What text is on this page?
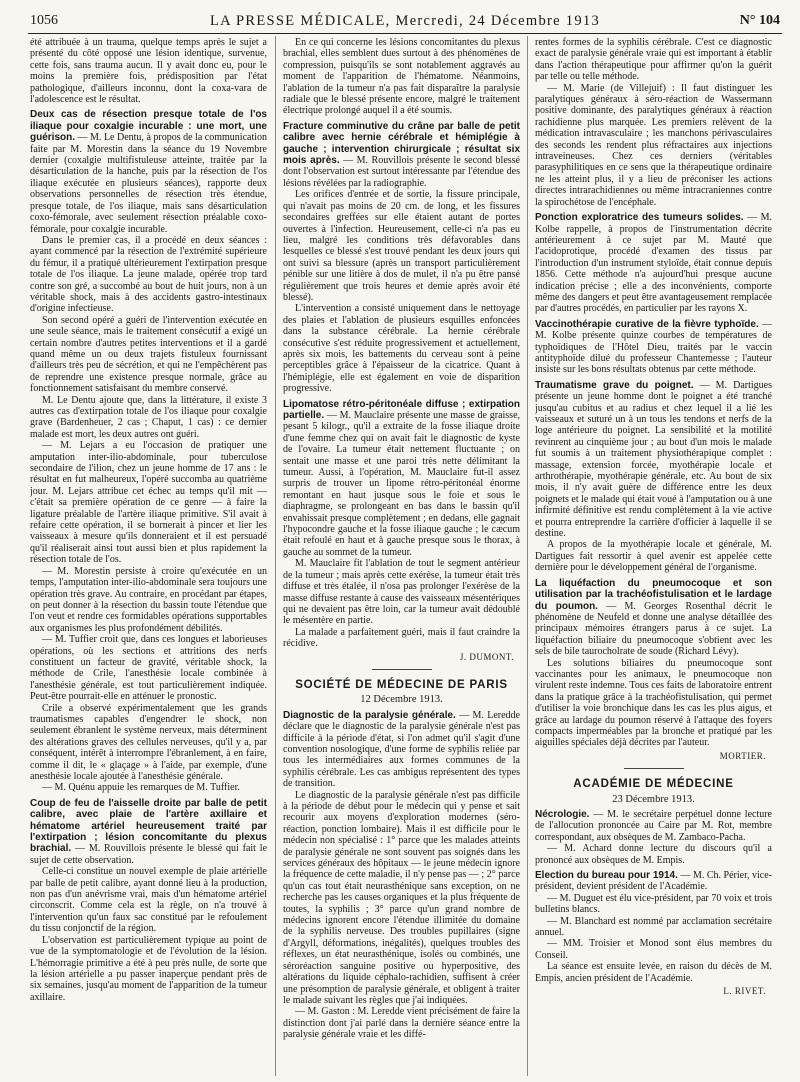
1056	LA PRESSE MÉDICALE, Mercredi, 24 Décembre 1913	N° 104

été attribuée à un trauma, quelque temps après le sujet a présenté du côté opposé une lésion identique, survenue, cette fois, sans trauma aucun. Il y avait donc eu, pour le moins la première fois, prédisposition par l'état pathologique, d'ailleurs inconnu, dont la coxa-vara de l'adolescence est le résultat.

Deux cas de résection presque totale de l'os iliaque pour coxalgie incurable : une mort, une guérison. — M. Le Dentu, à propos de la communication faite par M. Morestin dans la séance du 19 Novembre dernier (coxalgie multifistuleuse atteinte, traitée par la désarticulation de la hanche, puis par la résection de l'os iliaque exécutée en plusieurs séances), rapporte deux observations personnelles de résection très étendue, presque totale, de l'os iliaque, mais sans désarticulation coxo-fémorale, avec seulement résection préalable coxo-fémorale, pour coxalgie incurable.

Dans le premier cas, il a procédé en deux séances : ayant commencé par la résection de l'extrémité supérieure du fémur, il a pratiqué ultérieurement l'extirpation presque totale de l'os iliaque. La jeune malade, opérée trop tard contre son gré, a succombé au bout de huit jours, non à un véritable shock, mais à des accidents gastro-intestinaux d'origine infectieuse.

Son second opéré a guéri de l'intervention exécutée en une seule séance, mais le traitement consécutif a exigé un certain nombre d'autres petites interventions et il a gardé quand même un ou deux trajets fistuleux fournissant d'ailleurs très peu de sécrétion, et qui ne l'empêchèrent pas de reprendre une existence presque normale, grâce au fonctionnement satisfaisant du membre conservé.

M. Le Dentu ajoute que, dans la littérature, il existe 3 autres cas d'extirpation totale de l'os iliaque pour coxalgie grave (Bardenheuer, 2 cas ; Chaput, 1 cas) : ce dernier malade est mort, les deux autres ont guéri.

— M. Lejars a eu l'occasion de pratiquer une amputation inter-ilio-abdominale, pour tuberculose secondaire de l'ilion, chez un jeune homme de 17 ans : le résultat en fut malheureux, l'opéré succomba au quatrième jour. M. Lejars attribue cet échec au temps qu'il mit — c'était sa première opération de ce genre — à faire la ligature préalable de l'artère iliaque primitive. S'il avait à refaire cette opération, il se bornerait à pincer et lier les vaisseaux à mesure qu'ils donneraient et il est persuadé qu'il réaliserait ainsi tout aussi bien et plus rapidement la résection totale de l'os.

— M. Morestin persiste à croire qu'exécutée en un temps, l'amputation inter-ilio-abdominale sera toujours une opération très grave. Au contraire, en procédant par étapes, on peut donner à la résection du bassin toute l'étendue que l'on veut et rendre ces formidables opérations supportables aux organismes les plus profondément débilités.

— M. Tuffier croit que, dans ces longues et laborieuses opérations, où les sections et attritions des nerfs constituent un facteur de gravité, véritable shock, la méthode de Crile, l'anesthésie locale combinée à l'anesthésie générale, est tout particulièrement indiquée. Peut-être pourrait-elle en atténuer le pronostic.

Crile a observé expérimentalement que les grands traumatismes capables d'engendrer le shock, non seulement ébranlent le système nerveux, mais déterminent des altérations graves des cellules nerveuses, qu'il y a, par conséquent, intérêt à interrompre l'ébranlement, à en faire, comme il dit, le « glaçage » à l'aide, par exemple, d'une anesthésie locale ajoutée à l'anesthésie générale.

— M. Quénu appuie les remarques de M. Tuffier.

Coup de feu de l'aisselle droite par balle de petit calibre, avec plaie de l'artère axillaire et hématome artériel heureusement traité par l'extirpation ; lésion concomitante du plexus brachial. — M. Rouvillois présente le blessé qui fait le sujet de cette observation.

Celle-ci constitue un nouvel exemple de plaie artérielle par balle de petit calibre, ayant donné lieu à la production, non pas d'un anévrisme vrai, mais d'un hématome artériel circonscrit. Comme cela est la règle, on n'a trouvé à l'intervention qu'un faux sac constitué par le refoulement du tissu conjonctif de la région.

L'observation est particulièrement typique au point de vue de la symptomatologie et de l'évolution de la lésion. L'hémorragie primitive a été à peu près nulle, de sorte que la lésion artérielle a pu passer inaperçue pendant près de six semaines, jusqu'au moment de l'apparition de la tumeur axillaire.

En ce qui concerne les lésions concomitantes du plexus brachial, elles semblent dues surtout à des phénomènes de compression, puisqu'ils se sont notablement aggravés au moment de l'apparition de l'hématome. Néanmoins, l'ablation de la tumeur n'a pas fait disparaître la paralysie radiale que le blessé présente encore, malgré le traitement électrique prolongé auquel il a été soumis.

Fracture comminutive du crâne par balle de petit calibre avec hernie cérébrale et hémiplégie à gauche ; intervention chirurgicale ; résultat six mois après. — M. Rouvillois présente le second blessé dont l'observation est surtout intéressante par l'étendue des lésions révélées par la radiographie.

Les orifices d'entrée et de sortie, la fissure principale, qui n'avait pas moins de 20 cm. de long, et les fissures secondaires greffées sur elle étaient autant de portes ouvertes à l'infection. Heureusement, celle-ci n'a pas eu lieu, malgré les conditions très défavorables dans lesquelles ce blessé s'est trouvé pendant les deux jours qui ont suivi sa blessure (après un transport particulièrement pénible sur une litière à dos de mulet, il n'a pu être pansé régulièrement que trois heures et demie après avoir été blessé).

L'intervention a consisté uniquement dans le nettoyage des plaies et l'ablation de plusieurs esquilles enfoncées dans la substance cérébrale. La hernie cérébrale consécutive s'est réduite progressivement et actuellement, après six mois, les battements du cerveau sont à peine perceptibles grâce à l'épaisseur de la cicatrice. Quant à l'hémiplégie, elle est également en voie de disparition progressive.

Lipomatose rétro-péritonéale diffuse ; extirpation partielle. — M. Mauclaire présente une masse de graisse, pesant 5 kilogr., qu'il a extraite de la fosse iliaque droite d'une femme chez qui on avait fait le diagnostic de kyste de l'ovaire. La tumeur était nettement fluctuante ; on sentait une masse et une paroi très nette délimitant la tumeur. Aussi, à l'opération, M. Mauclaire fut-il assez surpris de trouver un lipome rétro-péritonéal énorme remontant en haut jusque sous le foie et sous le diaphragme, se prolongeant en bas dans le bassin qu'il envahissait presque complètement ; en dedans, elle gagnait l'hypocondre gauche et la fosse iliaque gauche ; le cæcum était refoulé en haut et à gauche presque sous le thorax, à gauche au sommet de la tumeur.

M. Mauclaire fit l'ablation de tout le segment antérieur de la tumeur ; mais après cette exérèse, la tumeur était très diffuse et très étalée, il n'osa pas prolonger l'exérèse de la masse diffuse restante à cause des vaisseaux mésentériques qui ne devaient pas être loin, car la tumeur avait dédoublé le mésentère en partie.

La malade a parfaitement guéri, mais il faut craindre la récidive.

J. DUMONT.
SOCIÉTÉ DE MÉDECINE DE PARIS
12 Décembre 1913.

Diagnostic de la paralysie générale. — M. Leredde déclare que le diagnostic de la paralysie générale n'est pas difficile à la période d'état, si l'on admet qu'il s'agit d'une convention nosologique, d'une forme de syphilis reliée par tous les intermédiaires aux formes communes de la syphilis cérébrale. Les cas ambigus représentent des types de transition.

Le diagnostic de la paralysie générale n'est pas difficile à la période de début pour le médecin qui y pense et sait recourir aux moyens d'exploration modernes (séro-réaction, ponction lombaire). Mais il est difficile pour le médecin non spécialisé : 1° parce que les malades atteints de paralysie générale ne sont souvent pas soignés dans les services généraux des hôpitaux — le jeune médecin ignore la fréquence de cette maladie, il n'y pense pas — ; 2° parce qu'un cas tout était neurasthénique sans exception, on ne recherche pas les causes organiques et la plus fréquente de toutes, la syphilis ; 3° parce qu'un grand nombre de médecins ignorent encore l'étendue illimitée du domaine de la syphilis nerveuse. Des troubles pupillaires (signe d'Argyll, déformations, inégalités), quelques troubles des réflexes, un état neurasthénique, isolés ou combinés, une séroréaction sanguine positive ou hyperpositive, des altérations du liquide céphalo-rachidien, suffisent à créer une présomption de paralysie générale, et obligent à traiter le malade suivant les règles que j'ai indiquées.

— M. Gaston : M. Leredde vient précisément de faire la distinction dont j'ai parlé dans la dernière séance entre la paralysie générale vraie et les diffé-

rentes formes de la syphilis cérébrale. C'est ce diagnostic exact de paralysie générale vraie qui est important à établir dans l'action thérapeutique pour affirmer qu'on la guérit par telle ou telle méthode.

— M. Marie (de Villejuif) : Il faut distinguer les paralytiques généraux à séro-réaction de Wassermann positive dominante, des paralytiques généraux à réaction rachidienne plus marquée. Les premiers relèvent de la médication intravasculaire ; les manchons périvasculaires des seconds les rendent plus réfractaires aux injections intraveineuses. Chez ces derniers (véritables parasyphilitiques en ce sens que la thérapeutique ordinaire ne les atteint plus, il y a lieu de préconiser les actions directes intrarachidiennes ou même intracraniennes contre la spirochétose de l'encéphale.

Ponction exploratrice des tumeurs solides. — M. Kolbe rappelle, à propos de l'instrumentation décrite antérieurement à ce sujet par M. Mauté que l'acidoprotique, procédé d'examen des tissus par l'introduction d'un instrument styloïde, était connue depuis 1856. Cette méthode n'a aujourd'hui presque aucune indication précise ; elle a des inconvénients, comporte même des dangers et peut être avantageusement remplacée par d'autres procédés, en particulier par les rayons X.

Vaccinothérapie curative de la fièvre typhoïde. — M. Kolbe présente quinze courbes de températures de typhoïdiques de l'Hôtel Dieu, traités par le vaccin antityphoïde dilué du professeur Chantemesse ; l'auteur insiste sur les bons résultats obtenus par cette méthode.

Traumatisme grave du poignet. — M. Dartigues présente un jeune homme dont le poignet a été tranché jusqu'au cubitus et au radius et chez lequel il a lié les vaisseaux et suturé un à un tous les tendons et nerfs de la loge antérieure du poignet. La sensibilité et la motilité revinrent au cinquième jour ; au bout d'un mois le malade fut soumis à un traitement physiothérapique complet : massage, extension forcée, myothérapie locale et arthrothérapie, myothérapie générale, etc. Au bout de six mois, il n'y avait guère de différence entre les deux poignets et le malade qui était voué à l'amputation ou à une infirmité définitive est rendu complètement à la vie active et pourra entreprendre la carrière d'officier à laquelle il se destine.

A propos de la myothérapie locale et générale, M. Dartigues fait ressortir à quel avenir est appelée cette dernière pour le développement général de l'organisme.

La liquéfaction du pneumocoque et son utilisation par la trachéofistulisation et le lardage du poumon. — M. Georges Rosenthal décrit le phénomène de Neufeld et donne une analyse détaillée des principaux mémoires étrangers parus à ce sujet. La liquéfaction biliaire du pneumocoque s'obtient avec les sels de bile taurocholrate de soude (Richard Lévy).

Les solutions biliaires du pneumocoque sont vaccinantes pour les animaux, le pneumocoque non virulent reste indemne. Tous ces faits de laboratoire entrent dans la pratique grâce à la trachéofistulisation, qui permet d'utiliser la voie bronchique dans les cas les plus aigus, et grâce au lardage du poumon réservé à l'attaque des foyers compacts imperméables par la bronche et pratiqué par les aiguilles spéciales déjà décrites par l'auteur.

MORTIER.
ACADÉMIE DE MÉDECINE
23 Décembre 1913.

Nécrologie. — M. le secrétaire perpétuel donne lecture de l'allocution prononcée au Caire par M. Rot, membre correspondant, aux obsèques de M. Zambaco-Pacha.

— M. Achard donne lecture du discours qu'il a prononcé aux obsèques de M. Empis.

Election du bureau pour 1914. — M. Ch. Périer, vice-président, devient président de l'Académie.

— M. Duguet est élu vice-président, par 70 voix et trois bulletins blancs.

— M. Blanchard est nommé par acclamation secrétaire annuel.

— MM. Troisier et Monod sont élus membres du Conseil.

La séance est ensuite levée, en raison du décès de M. Empis, ancien président de l'Académie.

L. RIVET.
